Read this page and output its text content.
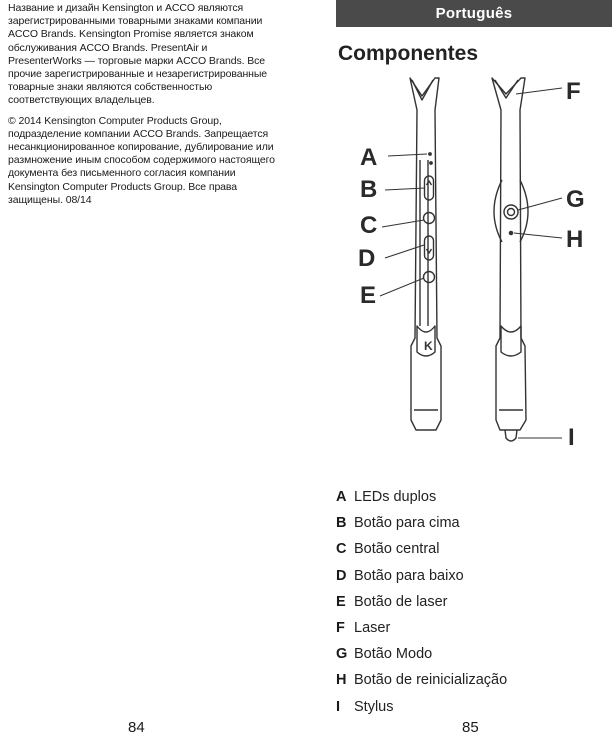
Название и дизайн Kensington и ACCO являются зарегистрированными товарными знаками компании ACCO Brands. Kensington Promise является знаком обслуживания ACCO Brands. PresentAir и PresenterWorks — торговые марки ACCO Brands. Все прочие зарегистрированные и незарегистрированные товарные знаки являются собственностью соответствующих владельцев.

© 2014 Kensington Computer Products Group, подразделение компании ACCO Brands. Запрещается несанкционированное копирование, дублирование или размножение иным способом содержимого настоящего документа без письменного согласия компании Kensington Computer Products Group. Все права защищены. 08/14

Português
Componentes
K
A
B
C
D
E
F
G
H
I
A LEDs duplos
B Botão para cima
C Botão central
D Botão para baixo
E Botão de laser
F Laser
G Botão Modo
H Botão de reinicialização
I Stylus
84	85
